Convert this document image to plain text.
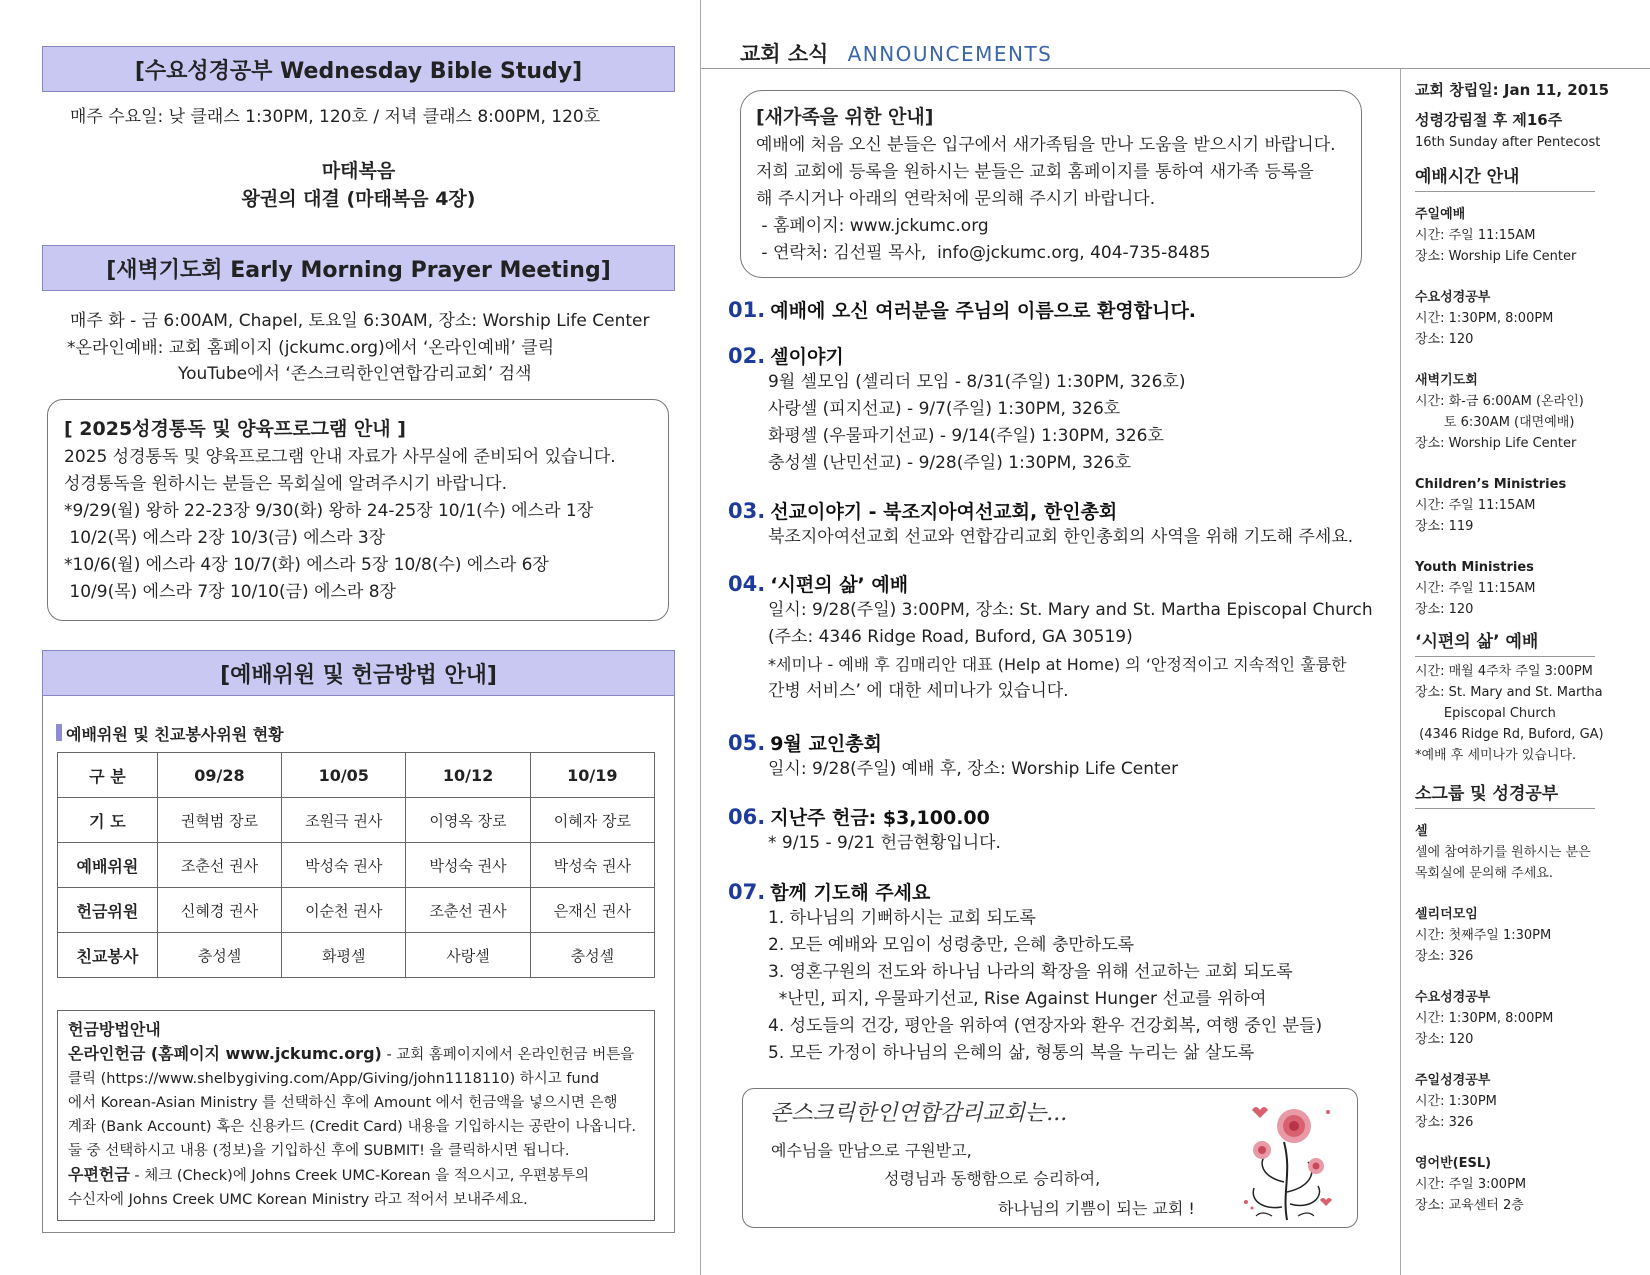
[수요성경공부 Wednesday Bible Study]
매주 수요일: 낮 클래스 1:30PM, 120호 / 저녁 클래스 8:00PM, 120호
마태복음
왕권의 대결 (마태복음 4장)
[새벽기도회 Early Morning Prayer Meeting]
매주 화 - 금 6:00AM, Chapel, 토요일 6:30AM, 장소: Worship Life Center
*온라인예배: 교회 홈페이지 (jckumc.org)에서 ‘온라인예배’ 클릭
YouTube에서 ‘존스크릭한인연합감리교회’ 검색
[ 2025성경통독 및 양육프로그램 안내 ]
2025 성경통독 및 양육프로그램 안내 자료가 사무실에 준비되어 있습니다.
성경통독을 원하시는 분들은 목회실에 알려주시기 바랍니다.
*9/29(월) 왕하 22-23장 9/30(화) 왕하 24-25장 10/1(수) 에스라 1장
10/2(목) 에스라 2장 10/3(금) 에스라 3장
*10/6(월) 에스라 4장 10/7(화) 에스라 5장 10/8(수) 에스라 6장
10/9(목) 에스라 7장 10/10(금) 에스라 8장
[예배위원 및 헌금방법 안내]
예배위원 및 친교봉사위원 현황
구 분	09/28	10/05	10/12	10/19
기 도	권혁범 장로	조원극 권사	이영옥 장로	이혜자 장로
예배위원	조춘선 권사	박성숙 권사	박성숙 권사	박성숙 권사
헌금위원	신혜경 권사	이순천 권사	조춘선 권사	은재신 권사
친교봉사	충성셀	화평셀	사랑셀	충성셀
헌금방법안내
온라인헌금 (홈페이지 www.jckumc.org) - 교회 홈페이지에서 온라인헌금 버튼을
클릭 (https://www.shelbygiving.com/App/Giving/john1118110) 하시고 fund
에서 Korean-Asian Ministry 를 선택하신 후에 Amount 에서 헌금액을 넣으시면 은행
계좌 (Bank Account) 혹은 신용카드 (Credit Card) 내용을 기입하시는 공란이 나옵니다.
둘 중 선택하시고 내용 (정보)을 기입하신 후에 SUBMIT! 을 클릭하시면 됩니다.
우편헌금 - 체크 (Check)에 Johns Creek UMC-Korean 을 적으시고, 우편봉투의
수신자에 Johns Creek UMC Korean Ministry 라고 적어서 보내주세요.
교회 소식 ANNOUNCEMENTS
[새가족을 위한 안내]
예배에 처음 오신 분들은 입구에서 새가족팀을 만나 도움을 받으시기 바랍니다.
저희 교회에 등록을 원하시는 분들은 교회 홈페이지를 통하여 새가족 등록을
해 주시거나 아래의 연락처에 문의해 주시기 바랍니다.
- 홈페이지: www.jckumc.org
- 연락처: 김선필 목사,  info@jckumc.org, 404-735-8485
01. 예배에 오신 여러분을 주님의 이름으로 환영합니다.
02. 셀이야기
9월 셀모임 (셀리더 모임 - 8/31(주일) 1:30PM, 326호)
사랑셀 (피지선교) - 9/7(주일) 1:30PM, 326호
화평셀 (우물파기선교) - 9/14(주일) 1:30PM, 326호
충성셀 (난민선교) - 9/28(주일) 1:30PM, 326호
03. 선교이야기 - 북조지아여선교회, 한인총회
북조지아여선교회 선교와 연합감리교회 한인총회의 사역을 위해 기도해 주세요.
04. ‘시편의 삶’ 예배
일시: 9/28(주일) 3:00PM, 장소: St. Mary and St. Martha Episcopal Church
(주소: 4346 Ridge Road, Buford, GA 30519)
*세미나 - 예배 후 김매리안 대표 (Help at Home) 의 ‘안정적이고 지속적인 훌륭한
간병 서비스’ 에 대한 세미나가 있습니다.
05. 9월 교인총회
일시: 9/28(주일) 예배 후, 장소: Worship Life Center
06. 지난주 헌금: $3,100.00
* 9/15 - 9/21 헌금현황입니다.
07. 함께 기도해 주세요
1. 하나님의 기뻐하시는 교회 되도록
2. 모든 예배와 모임이 성령충만, 은혜 충만하도록
3. 영혼구원의 전도와 하나님 나라의 확장을 위해 선교하는 교회 되도록
*난민, 피지, 우물파기선교, Rise Against Hunger 선교를 위하여
4. 성도들의 건강, 평안을 위하여 (연장자와 환우 건강회복, 여행 중인 분들)
5. 모든 가정이 하나님의 은혜의 삶, 형통의 복을 누리는 삶 살도록
존스크릭한인연합감리교회는...
예수님을 만남으로 구원받고,
성령님과 동행함으로 승리하여,
하나님의 기쁨이 되는 교회 !
교회 창립일: Jan 11, 2015
성령강림절 후 제16주
16th Sunday after Pentecost
예배시간 안내
주일예배
시간: 주일 11:15AM
장소: Worship Life Center
수요성경공부
시간: 1:30PM, 8:00PM
장소: 120
새벽기도회
시간: 화-금 6:00AM (온라인)
토 6:30AM (대면예배)
장소: Worship Life Center
Children’s Ministries
시간: 주일 11:15AM
장소: 119
Youth Ministries
시간: 주일 11:15AM
장소: 120
‘시편의 삶’ 예배
시간: 매월 4주차 주일 3:00PM
장소: St. Mary and St. Martha
Episcopal Church
(4346 Ridge Rd, Buford, GA)
*예배 후 세미나가 있습니다.
소그룹 및 성경공부
셀
셀에 참여하기를 원하시는 분은
목회실에 문의해 주세요.
셀리더모임
시간: 첫째주일 1:30PM
장소: 326
수요성경공부
시간: 1:30PM, 8:00PM
장소: 120
주일성경공부
시간: 1:30PM
장소: 326
영어반(ESL)
시간: 주일 3:00PM
장소: 교육센터 2층
